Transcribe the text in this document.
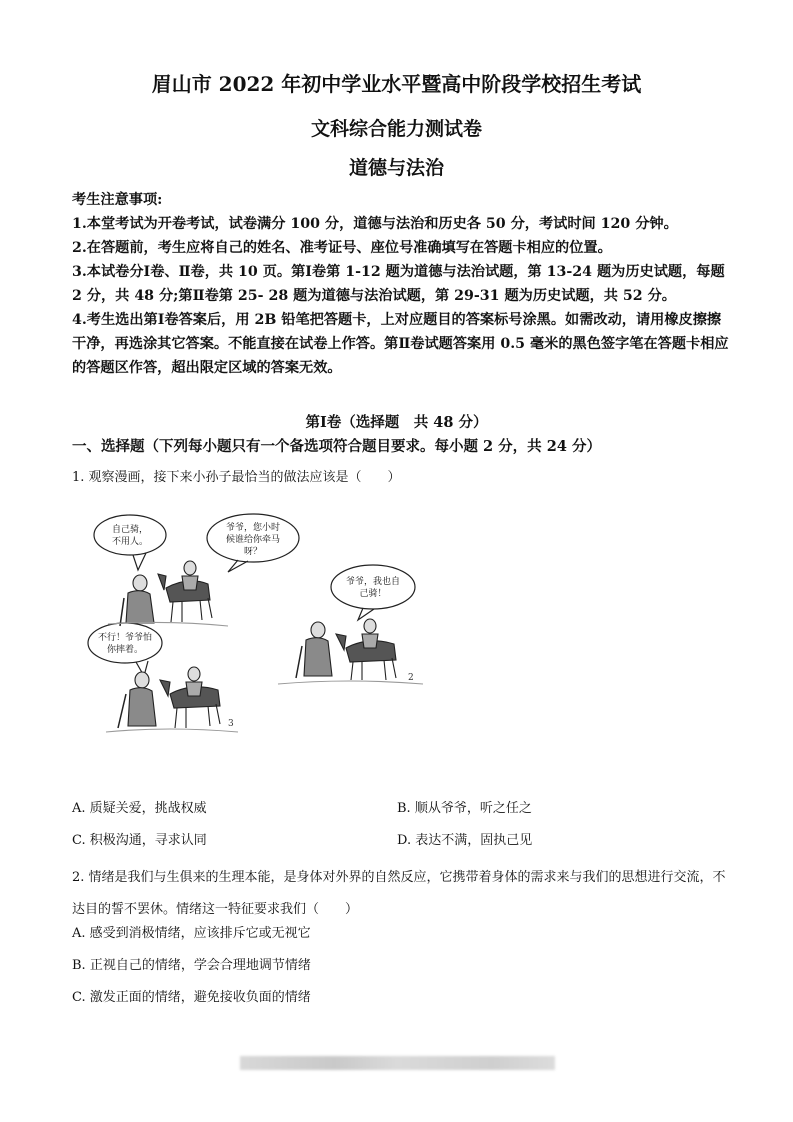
眉山市 2022 年初中学业水平暨高中阶段学校招生考试
文科综合能力测试卷
道德与法治

考生注意事项:

1.本堂考试为开卷考试，试卷满分 100 分，道德与法治和历史各 50 分，考试时间 120 分钟。

2.在答题前，考生应将自己的姓名、准考证号、座位号准确填写在答题卡相应的位置。

3.本试卷分Ⅰ卷、Ⅱ卷，共 10 页。第Ⅰ卷第 1-12 题为道德与法治试题，第 13-24 题为历史试题，每题 2 分，共 48 分;第Ⅱ卷第 25- 28 题为道德与法治试题，第 29-31 题为历史试题，共 52 分。

4.考生选出第Ⅰ卷答案后，用 2B 铅笔把答题卡，上对应题目的答案标号涂黑。如需改动，请用橡皮擦擦干净，再选涂其它答案。不能直接在试卷上作答。第Ⅱ卷试题答案用 0.5 毫米的黑色签字笔在答题卡相应的答题区作答，超出限定区域的答案无效。

第Ⅰ卷（选择题　共 48 分）
一、选择题（下列每小题只有一个备选项符合题目要求。每小题 2 分，共 24 分）
1. 观察漫画，接下来小孙子最恰当的做法应该是（　　）
自己骑，
不用人。
爷爷，您小时
候谁给你牵马
呀？
爷爷，我也自
己骑！
不行！爷爷怕
你摔着。
2
3
A. 质疑关爱，挑战权威	B. 顺从爷爷，听之任之
C. 积极沟通，寻求认同	D. 表达不满，固执己见
2. 情绪是我们与生俱来的生理本能，是身体对外界的自然反应，它携带着身体的需求来与我们的思想进行交流，不达目的誓不罢休。情绪这一特征要求我们（　　）
A. 感受到消极情绪，应该排斥它或无视它
B. 正视自己的情绪，学会合理地调节情绪
C. 激发正面的情绪，避免接收负面的情绪
